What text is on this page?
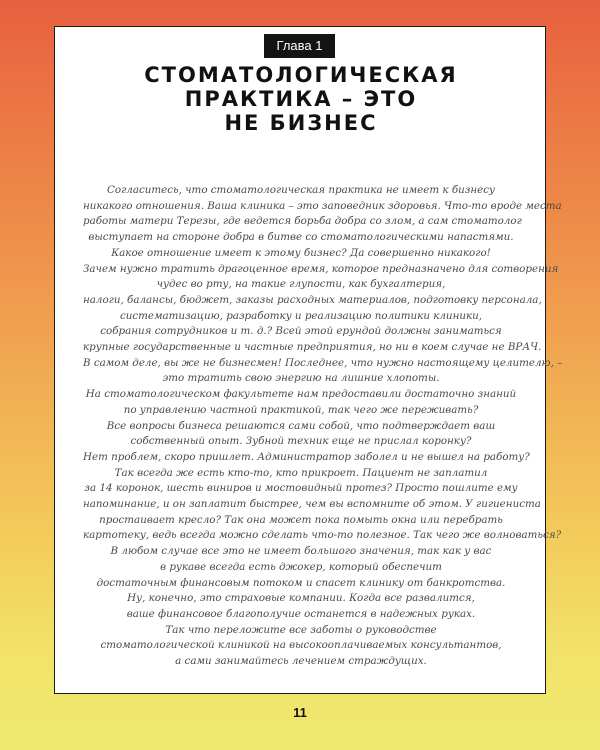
Глава 1
СТОМАТОЛОГИЧЕСКАЯ
ПРАКТИКА – ЭТО
НЕ БИЗНЕС
Согласитесь, что стоматологическая практика не имеет к бизнесу
никакого отношения. Ваша клиника – это заповедник здоровья. Что-то вроде места
работы матери Терезы, где ведется борьба добра со злом, а сам стоматолог
выступает на стороне добра в битве со стоматологическими напастями.
Какое отношение имеет к этому бизнес? Да совершенно никакого!
Зачем нужно тратить драгоценное время, которое предназначено для сотворения
чудес во рту, на такие глупости, как бухгалтерия,
налоги, балансы, бюджет, заказы расходных материалов, подготовку персонала,
систематизацию, разработку и реализацию политики клиники,
собрания сотрудников и т. д.? Всей этой ерундой должны заниматься
крупные государственные и частные предприятия, но ни в коем случае не ВРАЧ.
В самом деле, вы же не бизнесмен! Последнее, что нужно настоящему целителю, –
это тратить свою энергию на лишние хлопоты.
На стоматологическом факультете нам предоставили достаточно знаний
по управлению частной практикой, так чего же переживать?
Все вопросы бизнеса решаются сами собой, что подтверждает ваш
собственный опыт. Зубной техник еще не прислал коронку?
Нет проблем, скоро пришлет. Администратор заболел и не вышел на работу?
Так всегда же есть кто-то, кто прикроет. Пациент не заплатил
за 14 коронок, шесть виниров и мостовидный протез? Просто пошлите ему
напоминание, и он заплатит быстрее, чем вы вспомните об этом. У гигиениста
простаивает кресло? Так она может пока помыть окна или перебрать
картотеку, ведь всегда можно сделать что-то полезное. Так чего же волноваться?
В любом случае все это не имеет большого значения, так как у вас
в рукаве всегда есть джокер, который обеспечит
достаточным финансовым потоком и спасет клинику от банкротства.
Ну, конечно, это страховые компании. Когда все развалится,
ваше финансовое благополучие останется в надежных руках.
Так что переложите все заботы о руководстве
стоматологической клиникой на высокооплачиваемых консультантов,
а сами занимайтесь лечением страждущих.
11
